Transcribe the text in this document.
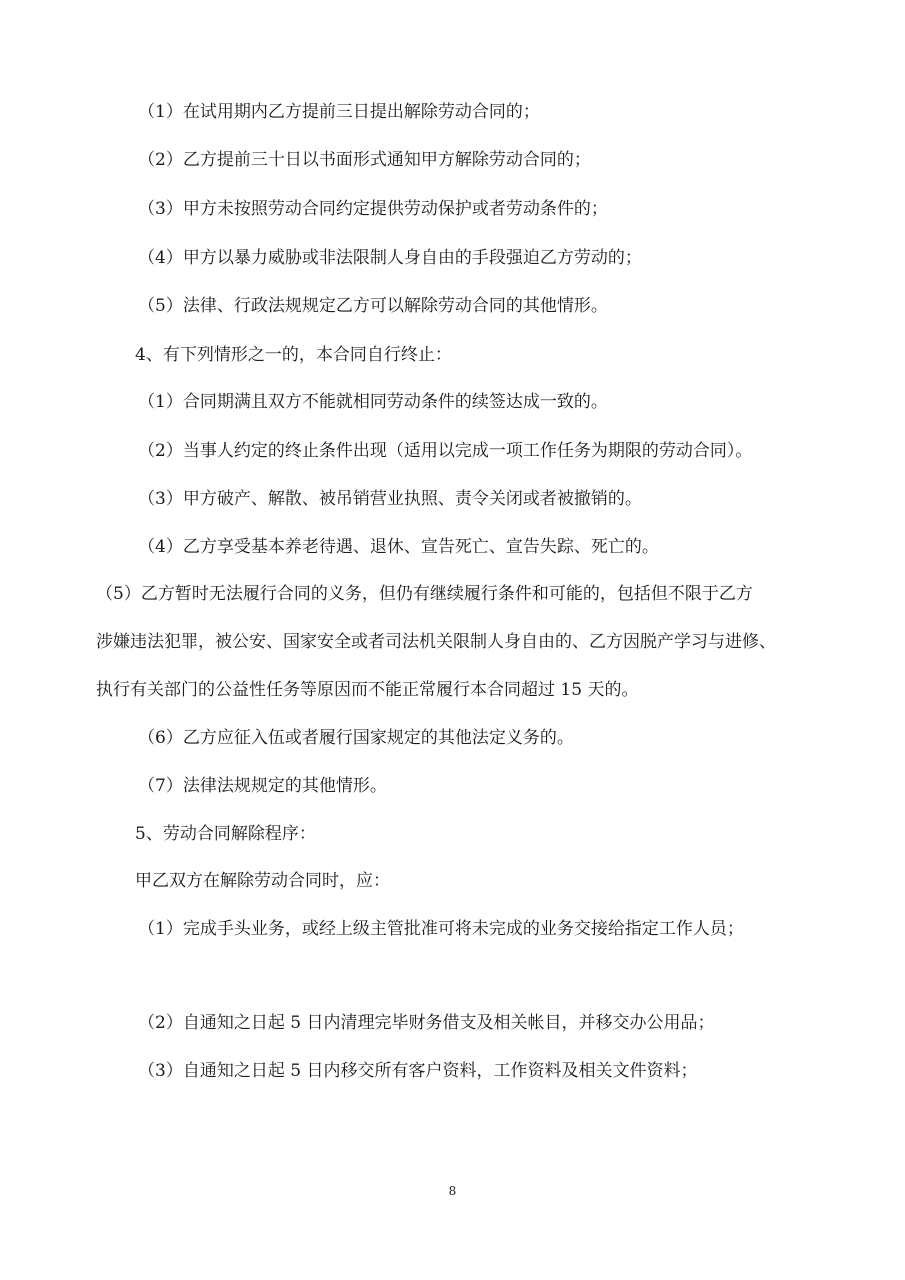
（1）在试用期内乙方提前三日提出解除劳动合同的；
（2）乙方提前三十日以书面形式通知甲方解除劳动合同的；
（3）甲方未按照劳动合同约定提供劳动保护或者劳动条件的；
（4）甲方以暴力威胁或非法限制人身自由的手段强迫乙方劳动的；
（5）法律、行政法规规定乙方可以解除劳动合同的其他情形。
4、有下列情形之一的，本合同自行终止：
（1）合同期满且双方不能就相同劳动条件的续签达成一致的。
（2）当事人约定的终止条件出现（适用以完成一项工作任务为期限的劳动合同）。
（3）甲方破产、解散、被吊销营业执照、责令关闭或者被撤销的。
（4）乙方享受基本养老待遇、退休、宣告死亡、宣告失踪、死亡的。
（5）乙方暂时无法履行合同的义务，但仍有继续履行条件和可能的，包括但不限于乙方
涉嫌违法犯罪，被公安、国家安全或者司法机关限制人身自由的、乙方因脱产学习与进修、
执行有关部门的公益性任务等原因而不能正常履行本合同超过 15 天的。
（6）乙方应征入伍或者履行国家规定的其他法定义务的。
（7）法律法规规定的其他情形。
5、劳动合同解除程序：
甲乙双方在解除劳动合同时，应：
（1）完成手头业务，或经上级主管批准可将未完成的业务交接给指定工作人员；
（2）自通知之日起 5 日内清理完毕财务借支及相关帐目，并移交办公用品；
（3）自通知之日起 5 日内移交所有客户资料，工作资料及相关文件资料；
8
